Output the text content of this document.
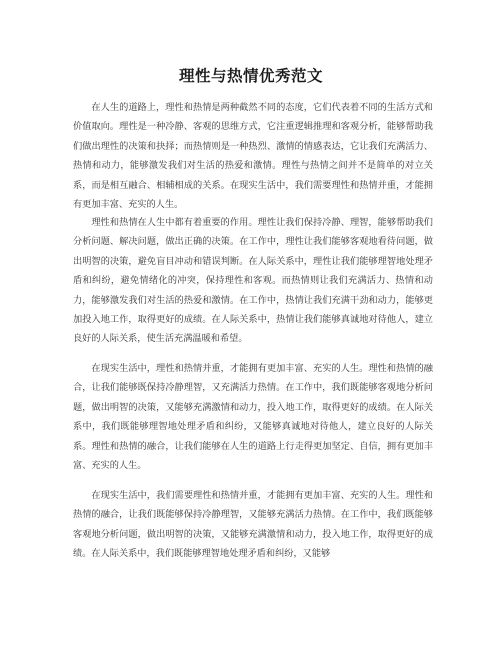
理性与热情优秀范文

在人生的道路上，理性和热情是两种截然不同的态度，它们代表着不同的生活方式和价值取向。理性是一种冷静、客观的思维方式，它注重逻辑推理和客观分析，能够帮助我们做出理性的决策和抉择；而热情则是一种热烈、激情的情感表达，它让我们充满活力、热情和动力，能够激发我们对生活的热爱和激情。理性与热情之间并不是简单的对立关系，而是相互融合、相辅相成的关系。在现实生活中，我们需要理性和热情并重，才能拥有更加丰富、充实的人生。

理性和热情在人生中都有着重要的作用。理性让我们保持冷静、理智，能够帮助我们分析问题、解决问题，做出正确的决策。在工作中，理性让我们能够客观地看待问题，做出明智的决策，避免盲目冲动和错误判断。在人际关系中，理性让我们能够理智地处理矛盾和纠纷，避免情绪化的冲突，保持理性和客观。而热情则让我们充满活力、热情和动力，能够激发我们对生活的热爱和激情。在工作中，热情让我们充满干劲和动力，能够更加投入地工作，取得更好的成绩。在人际关系中，热情让我们能够真诚地对待他人，建立良好的人际关系，使生活充满温暖和希望。

在现实生活中，理性和热情并重，才能拥有更加丰富、充实的人生。理性和热情的融合，让我们能够既保持冷静理智，又充满活力热情。在工作中，我们既能够客观地分析问题，做出明智的决策，又能够充满激情和动力，投入地工作，取得更好的成绩。在人际关系中，我们既能够理智地处理矛盾和纠纷，又能够真诚地对待他人，建立良好的人际关系。理性和热情的融合，让我们能够在人生的道路上行走得更加坚定、自信，拥有更加丰富、充实的人生。

在现实生活中，我们需要理性和热情并重，才能拥有更加丰富、充实的人生。理性和热情的融合，让我们既能够保持冷静理智，又能够充满活力热情。在工作中，我们既能够客观地分析问题，做出明智的决策，又能够充满激情和动力，投入地工作，取得更好的成绩。在人际关系中，我们既能够理智地处理矛盾和纠纷，又能够
